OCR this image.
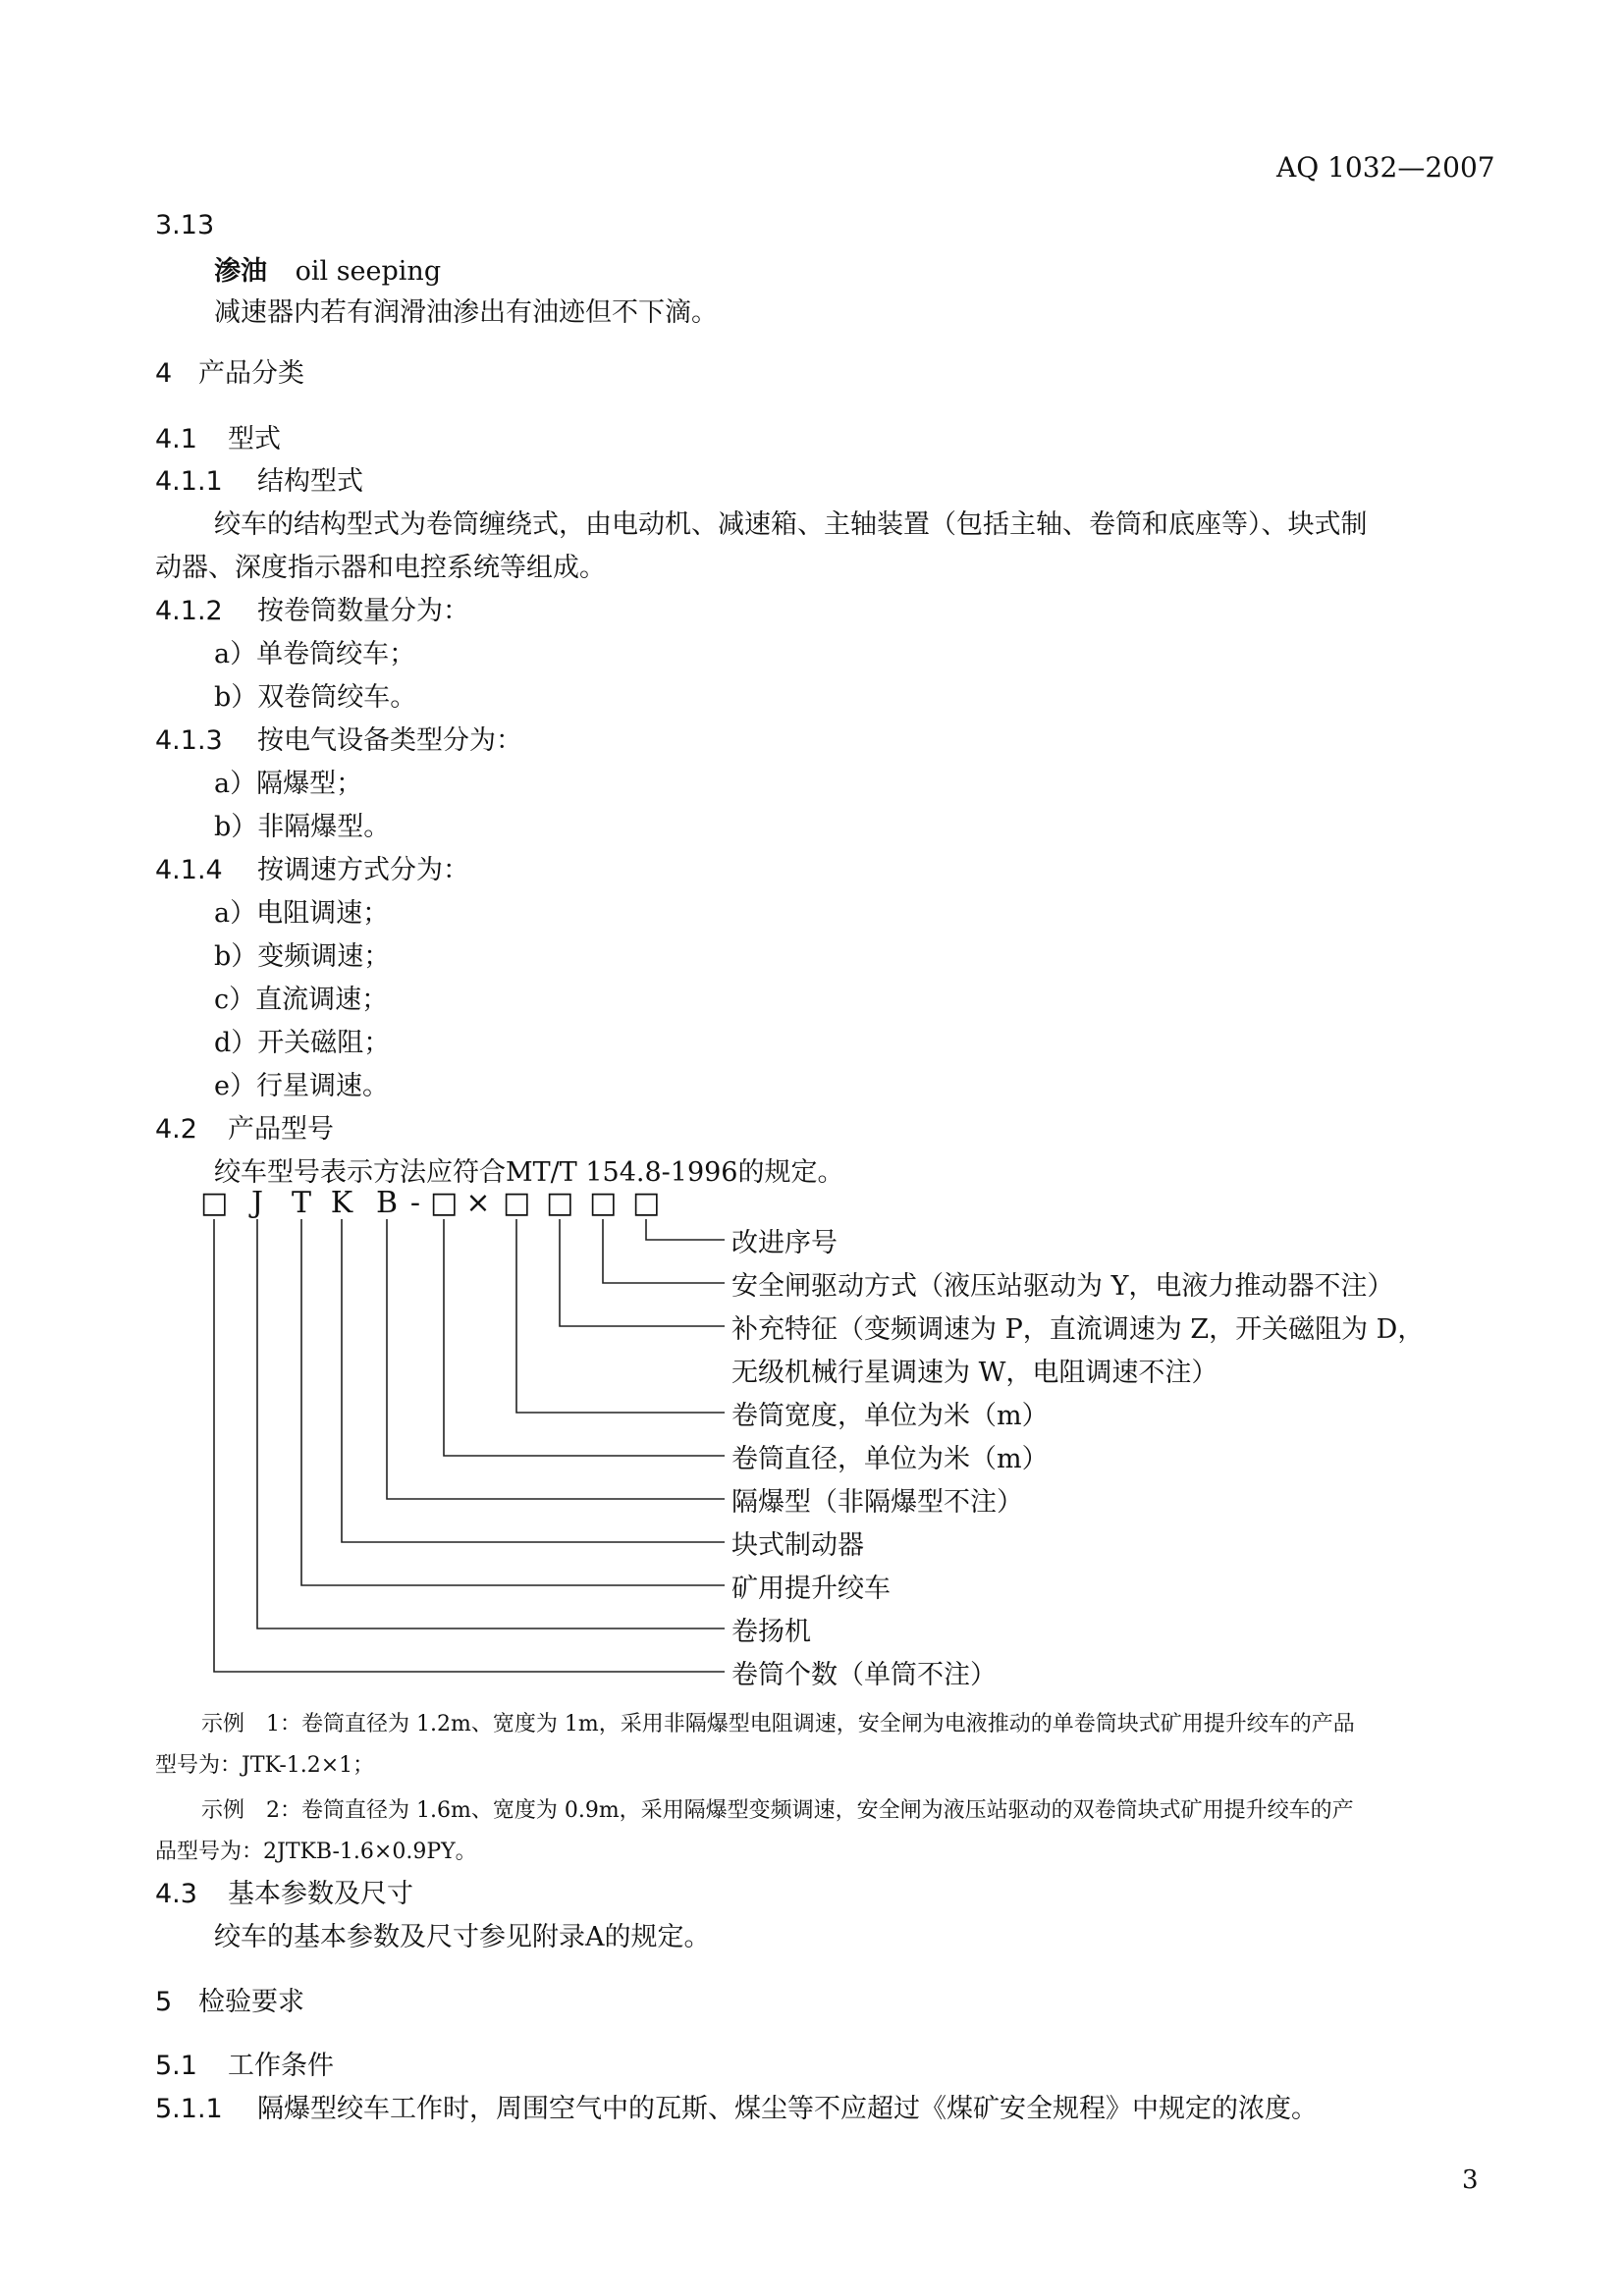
AQ 1032—2007
3.13
渗油 oil seeping
减速器内若有润滑油渗出有油迹但不下滴。
4 产品分类
4.1 型式
4.1.1 结构型式
绞车的结构型式为卷筒缠绕式，由电动机、减速箱、主轴装置（包括主轴、卷筒和底座等）、块式制
动器、深度指示器和电控系统等组成。
4.1.2 按卷筒数量分为：
a）单卷筒绞车；
b）双卷筒绞车。
4.1.3 按电气设备类型分为：
a）隔爆型；
b）非隔爆型。
4.1.4 按调速方式分为：
a）电阻调速；
b）变频调速；
c）直流调速；
d）开关磁阻；
e）行星调速。
4.2 产品型号
绞车型号表示方法应符合MT/T 154.8-1996的规定。
□ J T K B - □ × □ □ □ □
改进序号
安全闸驱动方式（液压站驱动为 Y，电液力推动器不注）
补充特征（变频调速为 P，直流调速为 Z，开关磁阻为 D，
无级机械行星调速为 W，电阻调速不注）
卷筒宽度，单位为米（m）
卷筒直径，单位为米（m）
隔爆型（非隔爆型不注）
块式制动器
矿用提升绞车
卷扬机
卷筒个数（单筒不注）
示例　1：卷筒直径为 1.2m、宽度为 1m，采用非隔爆型电阻调速，安全闸为电液推动的单卷筒块式矿用提升绞车的产品
型号为：JTK-1.2×1；
示例　2：卷筒直径为 1.6m、宽度为 0.9m，采用隔爆型变频调速，安全闸为液压站驱动的双卷筒块式矿用提升绞车的产
品型号为：2JTKB-1.6×0.9PY。
4.3 基本参数及尺寸
绞车的基本参数及尺寸参见附录A的规定。
5 检验要求
5.1 工作条件
5.1.1 隔爆型绞车工作时，周围空气中的瓦斯、煤尘等不应超过《煤矿安全规程》中规定的浓度。
3
